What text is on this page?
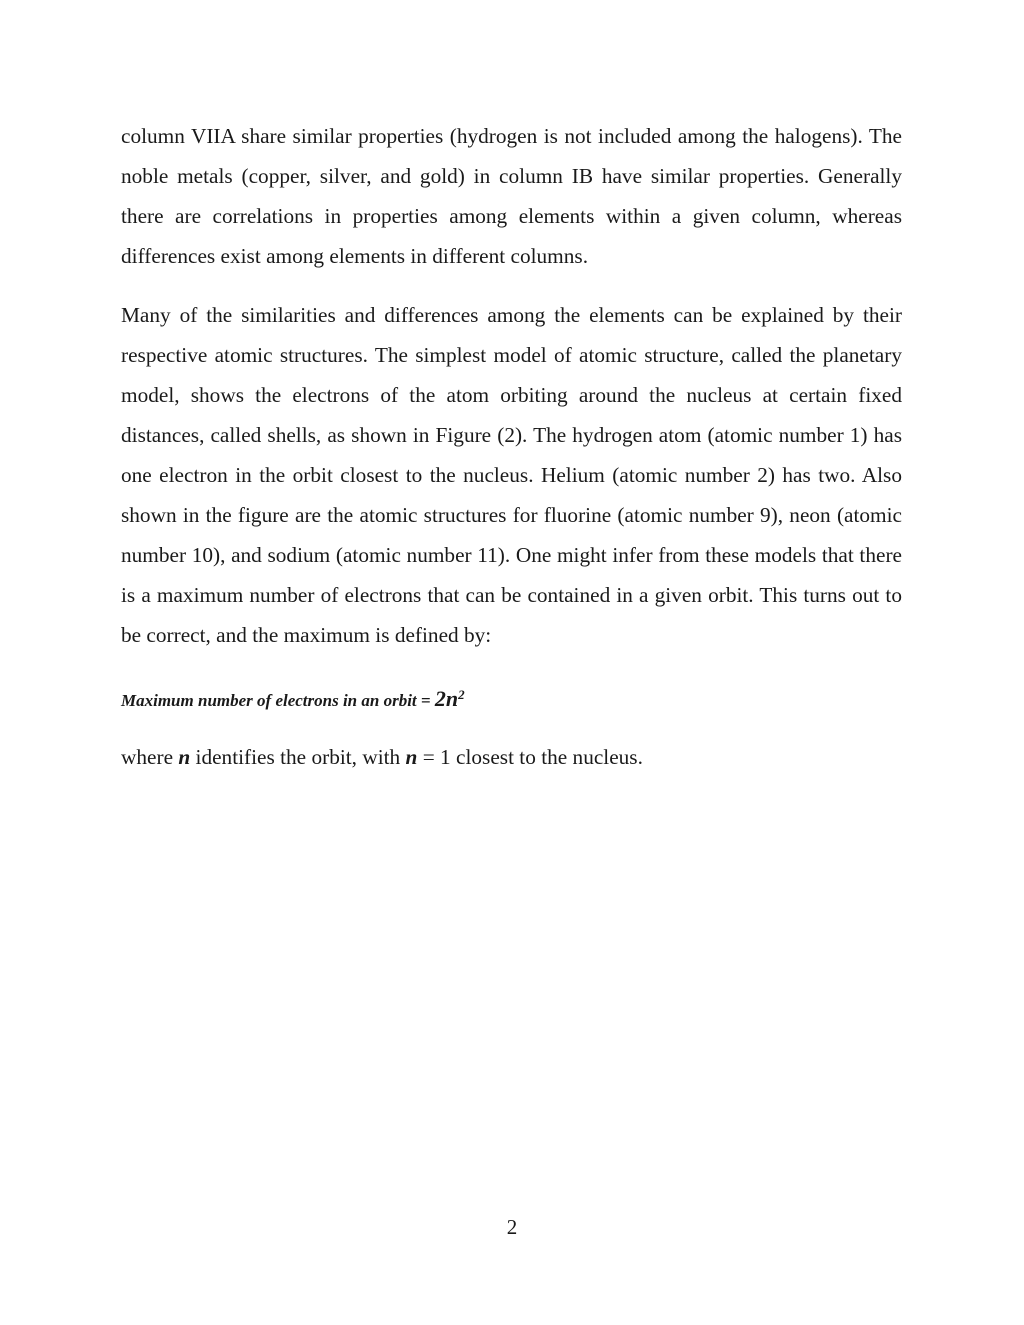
column VIIA share similar properties (hydrogen is not included among the halogens). The noble metals (copper, silver, and gold) in column IB have similar properties. Generally there are correlations in properties among elements within a given column, whereas differences exist among elements in different columns.

Many of the similarities and differences among the elements can be explained by their respective atomic structures. The simplest model of atomic structure, called the planetary model, shows the electrons of the atom orbiting around the nucleus at certain fixed distances, called shells, as shown in Figure (2). The hydrogen atom (atomic number 1) has one electron in the orbit closest to the nucleus. Helium (atomic number 2) has two. Also shown in the figure are the atomic structures for fluorine (atomic number 9), neon (atomic number 10), and sodium (atomic number 11). One might infer from these models that there is a maximum number of electrons that can be contained in a given orbit. This turns out to be correct, and the maximum is defined by:

Maximum number of electrons in an orbit = $2n^2$

where n identifies the orbit, with n = 1 closest to the nucleus.

2
